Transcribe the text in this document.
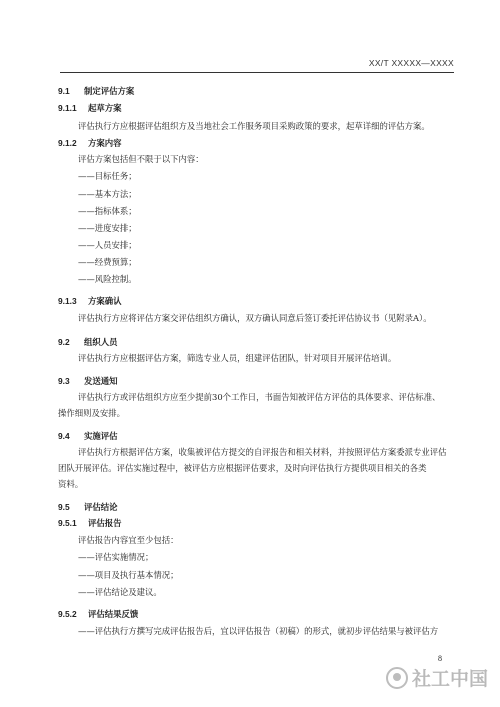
XX/T XXXXX—XXXX
9.1 制定评估方案
9.1.1 起草方案
评估执行方应根据评估组织方及当地社会工作服务项目采购政策的要求，起草详细的评估方案。
9.1.2 方案内容
评估方案包括但不限于以下内容：
——目标任务；
——基本方法；
——指标体系；
——进度安排；
——人员安排；
——经费预算；
——风险控制。
9.1.3 方案确认
评估执行方应将评估方案交评估组织方确认，双方确认同意后签订委托评估协议书（见附录A）。
9.2 组织人员
评估执行方应根据评估方案，筛选专业人员，组建评估团队，针对项目开展评估培训。
9.3 发送通知
评估执行方或评估组织方应至少提前30个工作日，书面告知被评估方评估的具体要求、评估标准、
操作细则及安排。
9.4 实施评估
评估执行方根据评估方案，收集被评估方提交的自评报告和相关材料，并按照评估方案委派专业评估
团队开展评估。评估实施过程中，被评估方应根据评估要求，及时向评估执行方提供项目相关的各类
资料。
9.5 评估结论
9.5.1 评估报告
评估报告内容宜至少包括：
——评估实施情况；
——项目及执行基本情况；
——评估结论及建议。
9.5.2 评估结果反馈
——评估执行方撰写完成评估报告后，宜以评估报告（初稿）的形式，就初步评估结果与被评估方
8
社工中国
